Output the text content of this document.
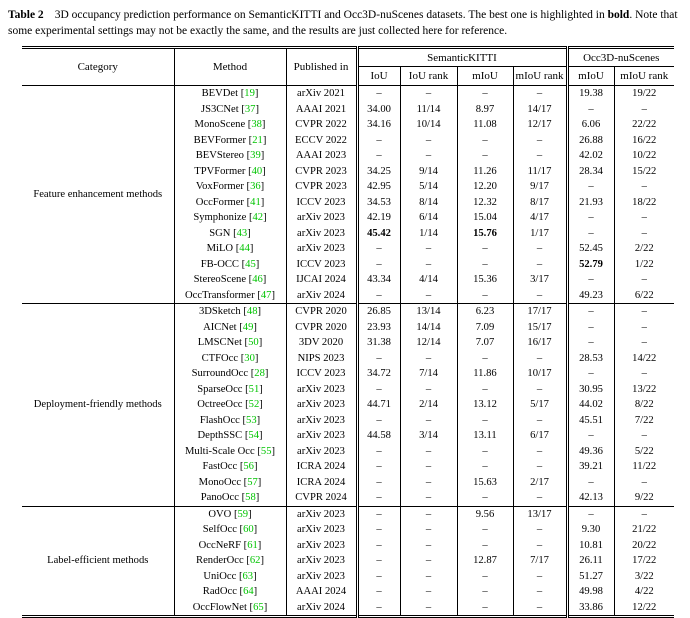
Table 2 3D occupancy prediction performance on SemanticKITTI and Occ3D-nuScenes datasets. The best one is highlighted in bold. Note that some experimental settings may not be exactly the same, and the results are just collected here for reference.

Category	Method	Published in	SemanticKITTI				Occ3D-nuScenes	
			IoU	IoU rank	mIoU	mIoU rank	mIoU	mIoU rank
Feature enhancement methods	BEVDet [19]	arXiv 2021	–	–	–	–	19.38	19/22
	JS3CNet [37]	AAAI 2021	34.00	11/14	8.97	14/17	–	–
	MonoScene [38]	CVPR 2022	34.16	10/14	11.08	12/17	6.06	22/22
	BEVFormer [21]	ECCV 2022	–	–	–	–	26.88	16/22
	BEVStereo [39]	AAAI 2023	–	–	–	–	42.02	10/22
	TPVFormer [40]	CVPR 2023	34.25	9/14	11.26	11/17	28.34	15/22
	VoxFormer [36]	CVPR 2023	42.95	5/14	12.20	9/17	–	–
	OccFormer [41]	ICCV 2023	34.53	8/14	12.32	8/17	21.93	18/22
	Symphonize [42]	arXiv 2023	42.19	6/14	15.04	4/17	–	–
	SGN [43]	arXiv 2023	45.42	1/14	15.76	1/17	–	–
	MiLO [44]	arXiv 2023	–	–	–	–	52.45	2/22
	FB-OCC [45]	ICCV 2023	–	–	–	–	52.79	1/22
	StereoScene [46]	IJCAI 2024	43.34	4/14	15.36	3/17	–	–
	OccTransformer [47]	arXiv 2024	–	–	–	–	49.23	6/22
Deployment-friendly methods	3DSketch [48]	CVPR 2020	26.85	13/14	6.23	17/17	–	–
	AICNet [49]	CVPR 2020	23.93	14/14	7.09	15/17	–	–
	LMSCNet [50]	3DV 2020	31.38	12/14	7.07	16/17	–	–
	CTFOcc [30]	NIPS 2023	–	–	–	–	28.53	14/22
	SurroundOcc [28]	ICCV 2023	34.72	7/14	11.86	10/17	–	–
	SparseOcc [51]	arXiv 2023	–	–	–	–	30.95	13/22
	OctreeOcc [52]	arXiv 2023	44.71	2/14	13.12	5/17	44.02	8/22
	FlashOcc [53]	arXiv 2023	–	–	–	–	45.51	7/22
	DepthSSC [54]	arXiv 2023	44.58	3/14	13.11	6/17	–	–
	Multi-Scale Occ [55]	arXiv 2023	–	–	–	–	49.36	5/22
	FastOcc [56]	ICRA 2024	–	–	–	–	39.21	11/22
	MonoOcc [57]	ICRA 2024	–	–	15.63	2/17	–	–
	PanoOcc [58]	CVPR 2024	–	–	–	–	42.13	9/22
Label-efficient methods	OVO [59]	arXiv 2023	–	–	9.56	13/17	–	–
	SelfOcc [60]	arXiv 2023	–	–	–	–	9.30	21/22
	OccNeRF [61]	arXiv 2023	–	–	–	–	10.81	20/22
	RenderOcc [62]	arXiv 2023	–	–	12.87	7/17	26.11	17/22
	UniOcc [63]	arXiv 2023	–	–	–	–	51.27	3/22
	RadOcc [64]	AAAI 2024	–	–	–	–	49.98	4/22
	OccFlowNet [65]	arXiv 2024	–	–	–	–	33.86	12/22
